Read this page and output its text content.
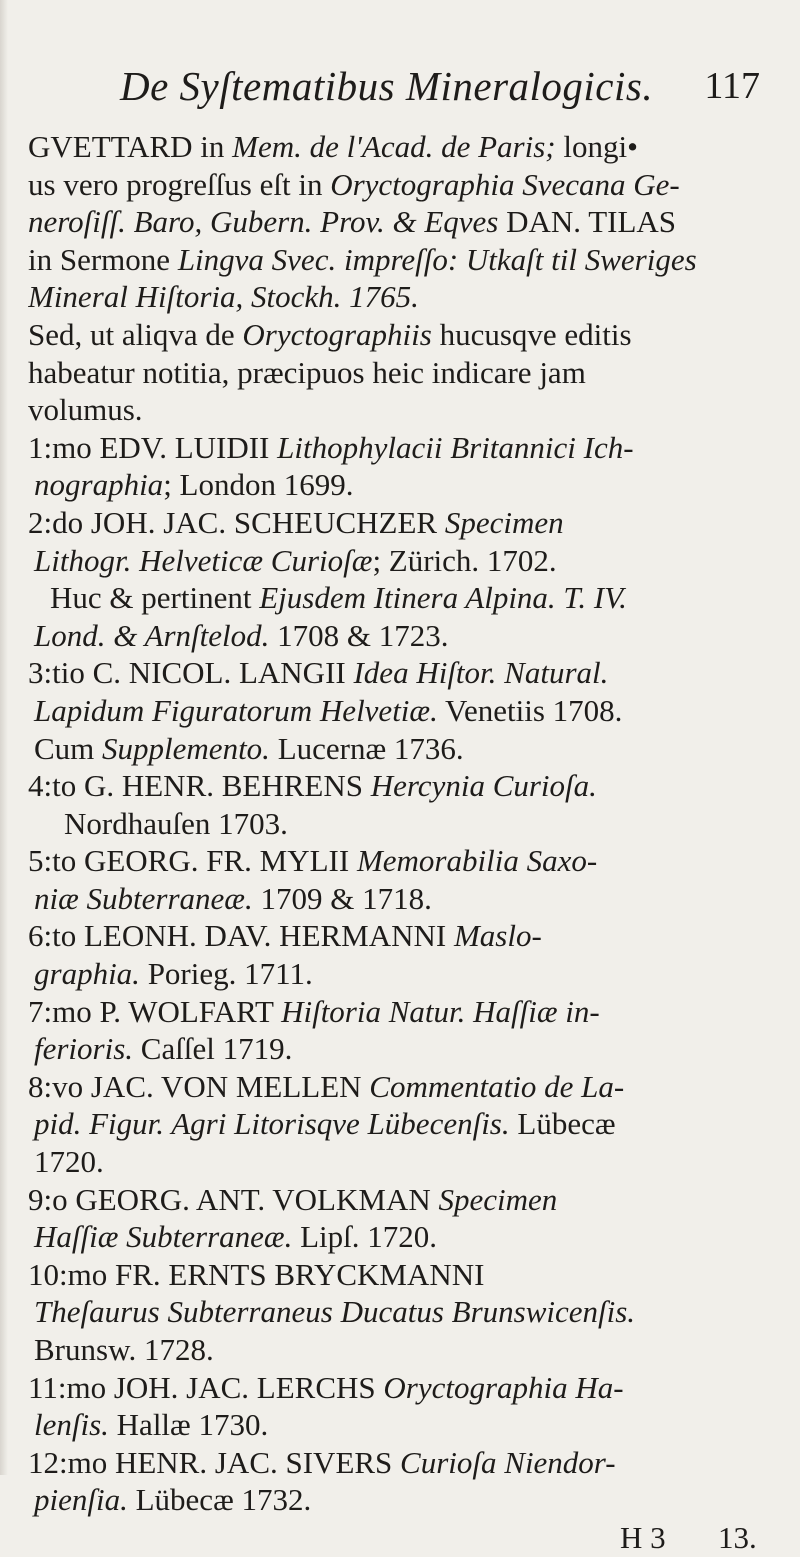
De Syſtematibus Mineralogicis. 117
GVETTARD in Mem. de l'Acad. de Paris; longi•
us vero progreſſus eſt in Oryctographia Svecana Ge-
neroſiſſ. Baro, Gubern. Prov. & Eqves DAN. TILAS
in Sermone Lingva Svec. impreſſo: Utkaſt til Sweriges
Mineral Hiſtoria, Stockh. 1765.
Sed, ut aliqva de Oryctographiis hucusqve editis
habeatur notitia, præcipuos heic indicare jam
volumus.
1:mo EDV. LUIDII Lithophylacii Britannici Ich-
nographia; London 1699.
2:do JOH. JAC. SCHEUCHZER Specimen
Lithogr. Helveticæ Curioſæ; Zürich. 1702.
Huc & pertinent Ejusdem Itinera Alpina. T. IV.
Lond. & Arnſtelod. 1708 & 1723.
3:tio C. NICOL. LANGII Idea Hiſtor. Natural.
Lapidum Figuratorum Helvetiæ. Venetiis 1708.
Cum Supplemento. Lucernæ 1736.
4:to G. HENR. BEHRENS Hercynia Curioſa.
Nordhauſen 1703.
5:to GEORG. FR. MYLII Memorabilia Saxo-
niæ Subterraneæ. 1709 & 1718.
6:to LEONH. DAV. HERMANNI Maslo-
graphia. Porieg. 1711.
7:mo P. WOLFART Hiſtoria Natur. Haſſiæ in-
ferioris. Caſſel 1719.
8:vo JAC. VON MELLEN Commentatio de La-
pid. Figur. Agri Litorisqve Lübecenſis. Lübecæ
1720.
9:o GEORG. ANT. VOLKMAN Specimen
Haſſiæ Subterraneæ. Lipſ. 1720.
10:mo FR. ERNTS BRYCKMANNI
Theſaurus Subterraneus Ducatus Brunswicenſis.
Brunsw. 1728.
11:mo JOH. JAC. LERCHS Oryctographia Ha-
lenſis. Hallæ 1730.
12:mo HENR. JAC. SIVERS Curioſa Niendor-
pienſia. Lübecæ 1732.
H 3 13.
